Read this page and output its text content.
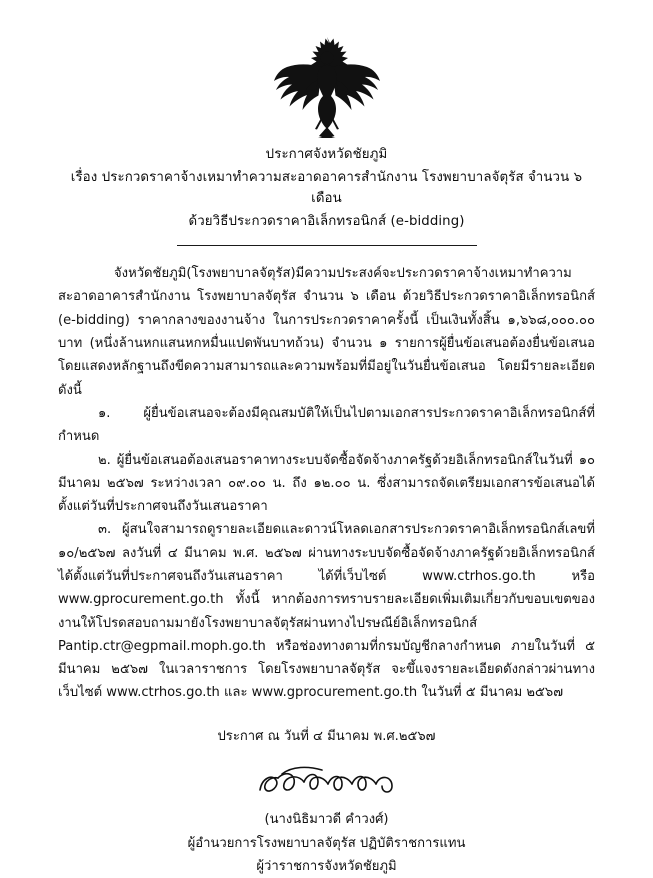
ประกาศจังหวัดชัยภูมิ
เรื่อง ประกวดราคาจ้างเหมาทำความสะอาดอาคารสำนักงาน โรงพยาบาลจัตุรัส จำนวน ๖ เดือน
ด้วยวิธีประกวดราคาอิเล็กทรอนิกส์ (e-bidding)

จังหวัดชัยภูมิ(โรงพยาบาลจัตุรัส)มีความประสงค์จะประกวดราคาจ้างเหมาทำความสะอาดอาคารสำนักงาน โรงพยาบาลจัตุรัส จำนวน ๖ เดือน ด้วยวิธีประกวดราคาอิเล็กทรอนิกส์ (e-bidding) ราคากลางของงานจ้าง ในการประกวดราคาครั้งนี้ เป็นเงินทั้งสิ้น ๑,๖๖๘,๐๐๐.๐๐ บาท (หนึ่งล้านหกแสนหกหมื่นแปดพันบาทถ้วน) จำนวน ๑ รายการผู้ยื่นข้อเสนอต้องยื่นข้อเสนอโดยแสดงหลักฐานถึงขีดความสามารถและความพร้อมที่มีอยู่ในวันยื่นข้อเสนอ โดยมีรายละเอียดดังนี้

๑. ผู้ยื่นข้อเสนอจะต้องมีคุณสมบัติให้เป็นไปตามเอกสารประกวดราคาอิเล็กทรอนิกส์ที่กำหนด

๒. ผู้ยื่นข้อเสนอต้องเสนอราคาทางระบบจัดซื้อจัดจ้างภาครัฐด้วยอิเล็กทรอนิกส์ในวันที่ ๑๐ มีนาคม ๒๕๖๗ ระหว่างเวลา ๐๙.๐๐ น. ถึง ๑๒.๐๐ น. ซึ่งสามารถจัดเตรียมเอกสารข้อเสนอได้ตั้งแต่วันที่ประกาศจนถึงวันเสนอราคา

๓. ผู้สนใจสามารถดูรายละเอียดและดาวน์โหลดเอกสารประกวดราคาอิเล็กทรอนิกส์เลขที่ ๑๐/๒๕๖๗ ลงวันที่ ๔ มีนาคม พ.ศ. ๒๕๖๗ ผ่านทางระบบจัดซื้อจัดจ้างภาครัฐด้วยอิเล็กทรอนิกส์ ได้ตั้งแต่วันที่ประกาศจนถึงวันเสนอราคา ได้ที่เว็บไซต์ www.ctrhos.go.th หรือ www.gprocurement.go.th ทั้งนี้ หากต้องการทราบรายละเอียดเพิ่มเติมเกี่ยวกับขอบเขตของงานให้โปรดสอบถามมายังโรงพยาบาลจัตุรัสผ่านทางไปรษณีย์อิเล็กทรอนิกส์ Pantip.ctr@egpmail.moph.go.th หรือช่องทางตามที่กรมบัญชีกลางกำหนด ภายในวันที่ ๕ มีนาคม ๒๕๖๗ ในเวลาราชการ โดยโรงพยาบาลจัตุรัส จะขึ้แจงรายละเอียดดังกล่าวผ่านทางเว็บไซต์ www.ctrhos.go.th และ www.gprocurement.go.th ในวันที่ ๕ มีนาคม ๒๕๖๗

ประกาศ ณ วันที่ ๔ มีนาคม พ.ศ.๒๕๖๗
(นางนิธิมาวดี คำวงศ์)
ผู้อำนวยการโรงพยาบาลจัตุรัส ปฏิบัติราชการแทน
ผู้ว่าราชการจังหวัดชัยภูมิ
